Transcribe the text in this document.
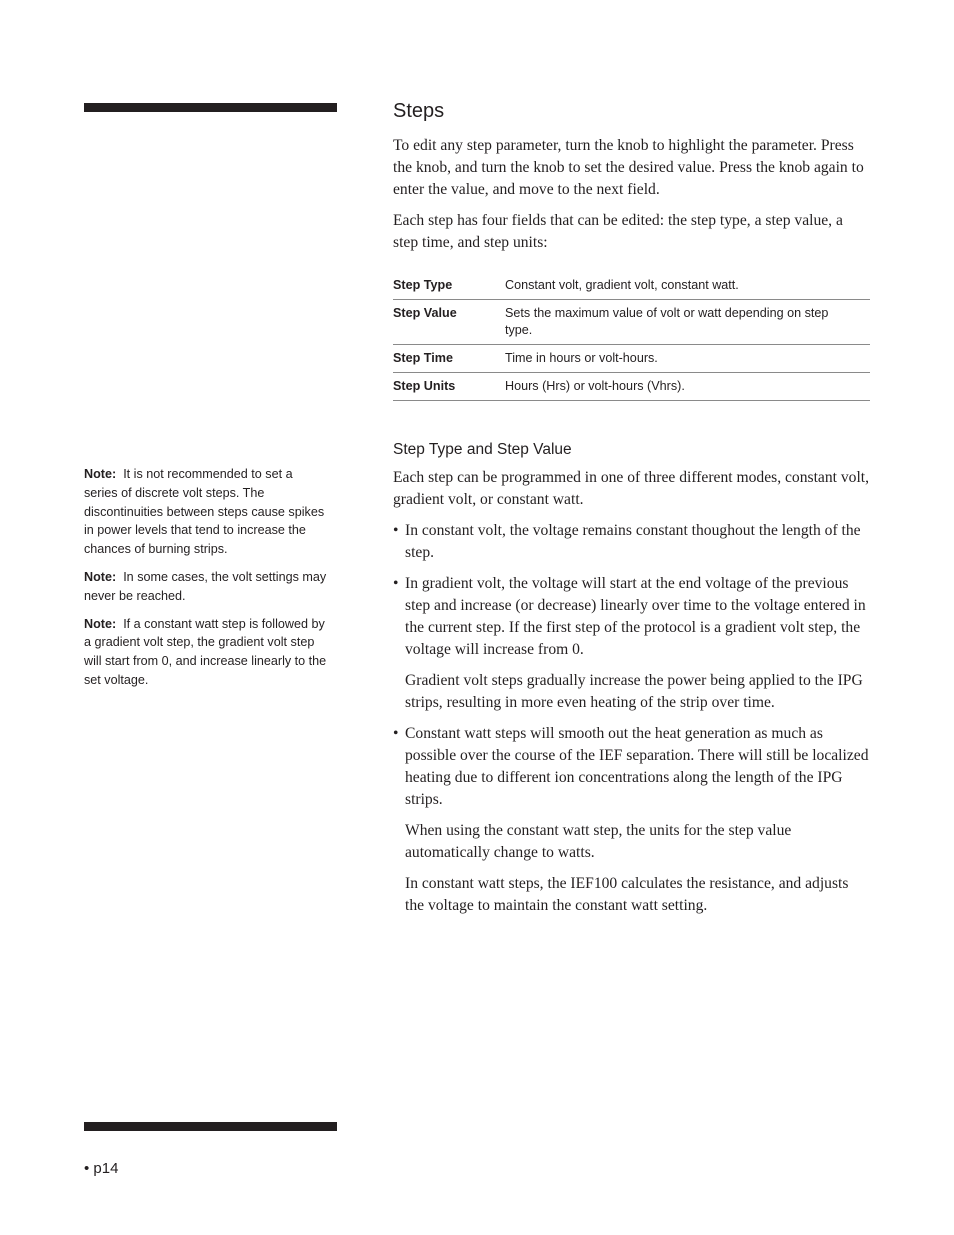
Note: It is not recommended to set a series of discrete volt steps. The discontinuities between steps cause spikes in power levels that tend to increase the chances of burning strips.

Note: In some cases, the volt settings may never be reached.

Note: If a constant watt step is followed by a gradient volt step, the gradient volt step will start from 0, and increase linearly to the set voltage.

Steps

To edit any step parameter, turn the knob to highlight the parameter. Press the knob, and turn the knob to set the desired value. Press the knob again to enter the value, and move to the next field.

Each step has four fields that can be edited: the step type, a step value, a step time, and step units:

Step Type	Constant volt, gradient volt, constant watt.
Step Value	Sets the maximum value of volt or watt depending on step type.
Step Time	Time in hours or volt-hours.
Step Units	Hours (Hrs) or volt-hours (Vhrs).
Step Type and Step Value

Each step can be programmed in one of three different modes, constant volt, gradient volt, or constant watt.

• In constant volt, the voltage remains constant thoughout the length of the step.

• In gradient volt, the voltage will start at the end voltage of the previous step and increase (or decrease) linearly over time to the voltage entered in the current step. If the first step of the protocol is a gradient volt step, the voltage will increase from 0.

Gradient volt steps gradually increase the power being applied to the IPG strips, resulting in more even heating of the strip over time.

• Constant watt steps will smooth out the heat generation as much as possible over the course of the IEF separation. There will still be localized heating due to different ion concentrations along the length of the IPG strips.

When using the constant watt step, the units for the step value automatically change to watts.

In constant watt steps, the IEF100 calculates the resistance, and adjusts the voltage to maintain the constant watt setting.

• p14
